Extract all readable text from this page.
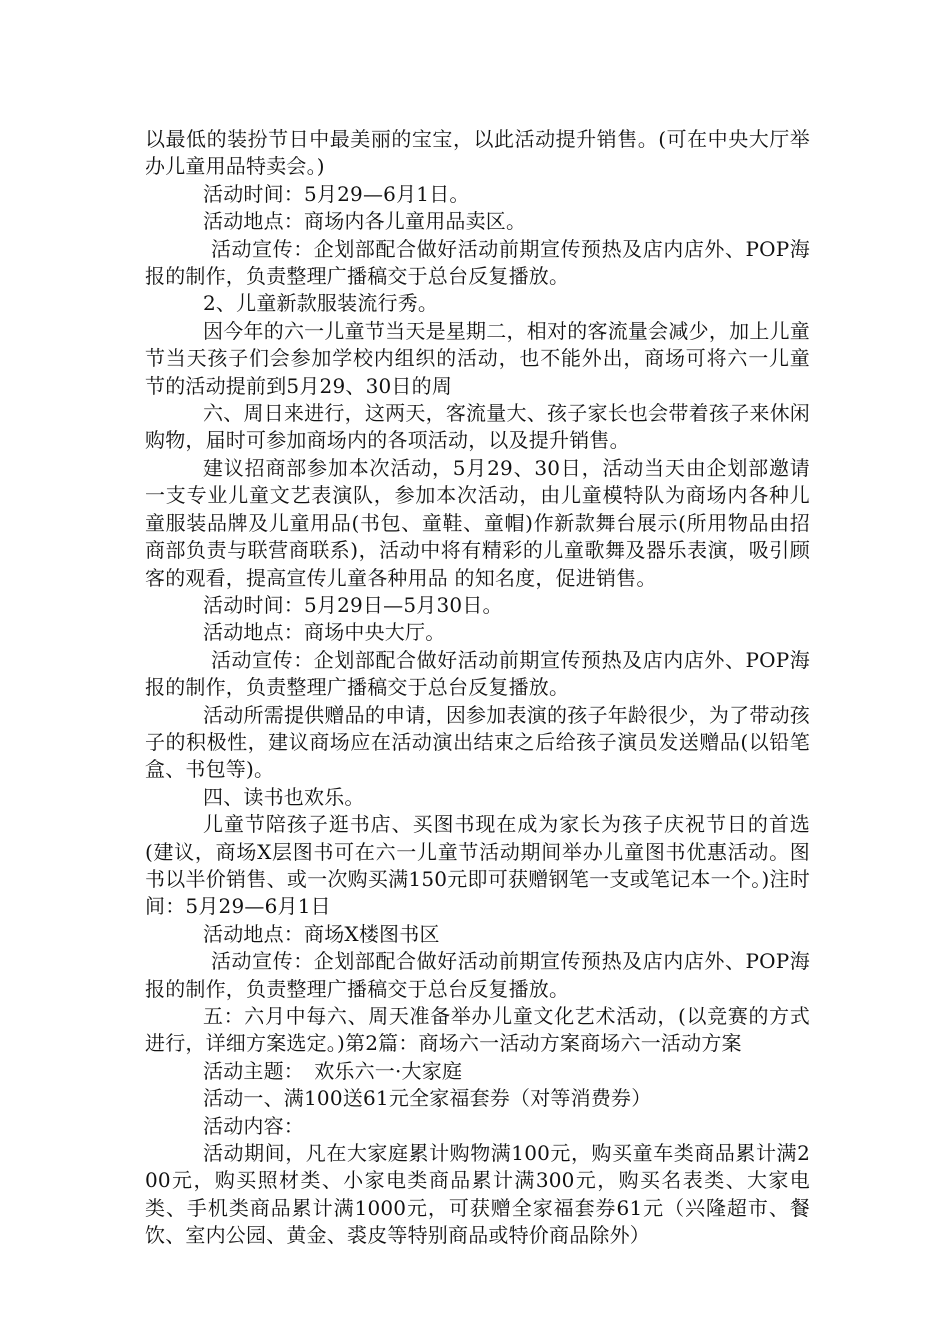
以最低的装扮节日中最美丽的宝宝，以此活动提升销售。(可在中央大厅举办儿童用品特卖会。)

活动时间：5月29—6月1日。

活动地点：商场内各儿童用品卖区。

活动宣传：企划部配合做好活动前期宣传预热及店内店外、POP海报的制作，负责整理广播稿交于总台反复播放。

2、儿童新款服装流行秀。

因今年的六一儿童节当天是星期二，相对的客流量会减少，加上儿童节当天孩子们会参加学校内组织的活动，也不能外出，商场可将六一儿童节的活动提前到5月29、30日的周

六、周日来进行，这两天，客流量大、孩子家长也会带着孩子来休闲购物，届时可参加商场内的各项活动，以及提升销售。

建议招商部参加本次活动，5月29、30日，活动当天由企划部邀请一支专业儿童文艺表演队，参加本次活动，由儿童模特队为商场内各种儿童服装品牌及儿童用品(书包、童鞋、童帽)作新款舞台展示(所用物品由招商部负责与联营商联系)，活动中将有精彩的儿童歌舞及器乐表演，吸引顾客的观看，提高宣传儿童各种用品 的知名度，促进销售。

活动时间：5月29日—5月30日。

活动地点：商场中央大厅。

活动宣传：企划部配合做好活动前期宣传预热及店内店外、POP海报的制作，负责整理广播稿交于总台反复播放。

活动所需提供赠品的申请，因参加表演的孩子年龄很少，为了带动孩子的积极性，建议商场应在活动演出结束之后给孩子演员发送赠品(以铅笔盒、书包等)。

四、读书也欢乐。

儿童节陪孩子逛书店、买图书现在成为家长为孩子庆祝节日的首选(建议，商场X层图书可在六一儿童节活动期间举办儿童图书优惠活动。图书以半价销售、或一次购买满150元即可获赠钢笔一支或笔记本一个。)注时间：5月29—6月1日

活动地点：商场X楼图书区

活动宣传：企划部配合做好活动前期宣传预热及店内店外、POP海报的制作，负责整理广播稿交于总台反复播放。

五：六月中每六、周天准备举办儿童文化艺术活动，(以竞赛的方式进行，详细方案选定。)第2篇：商场六一活动方案商场六一活动方案

活动主题：　欢乐六一·大家庭

活动一、满100送61元全家福套券（对等消费券）

活动内容：

活动期间，凡在大家庭累计购物满100元，购买童车类商品累计满200元，购买照材类、小家电类商品累计满300元，购买名表类、大家电类、手机类商品累计满1000元，可获赠全家福套券61元（兴隆超市、餐饮、室内公园、黄金、裘皮等特别商品或特价商品除外）
